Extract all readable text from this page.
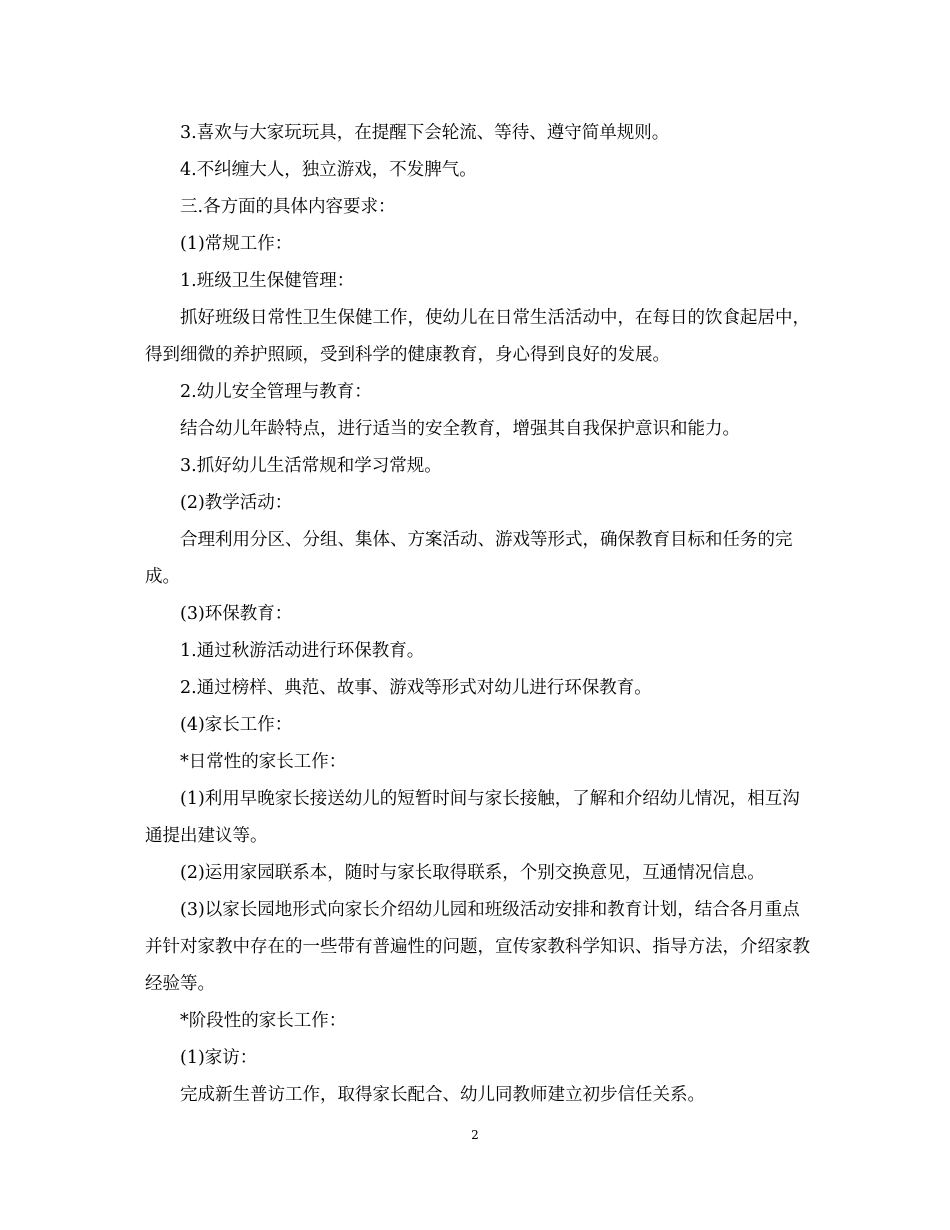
3.喜欢与大家玩玩具，在提醒下会轮流、等待、遵守简单规则。

4.不纠缠大人，独立游戏，不发脾气。

三.各方面的具体内容要求：

(1)常规工作：

1.班级卫生保健管理：

抓好班级日常性卫生保健工作，使幼儿在日常生活活动中，在每日的饮食起居中，得到细微的养护照顾，受到科学的健康教育，身心得到良好的发展。

2.幼儿安全管理与教育：

结合幼儿年龄特点，进行适当的安全教育，增强其自我保护意识和能力。

3.抓好幼儿生活常规和学习常规。

(2)教学活动：

合理利用分区、分组、集体、方案活动、游戏等形式，确保教育目标和任务的完成。

(3)环保教育：

1.通过秋游活动进行环保教育。

2.通过榜样、典范、故事、游戏等形式对幼儿进行环保教育。

(4)家长工作：

*日常性的家长工作：

(1)利用早晚家长接送幼儿的短暂时间与家长接触，了解和介绍幼儿情况，相互沟通提出建议等。

(2)运用家园联系本，随时与家长取得联系，个别交换意见，互通情况信息。

(3)以家长园地形式向家长介绍幼儿园和班级活动安排和教育计划，结合各月重点并针对家教中存在的一些带有普遍性的问题，宣传家教科学知识、指导方法，介绍家教经验等。

*阶段性的家长工作：

(1)家访：

完成新生普访工作，取得家长配合、幼儿同教师建立初步信任关系。

2
